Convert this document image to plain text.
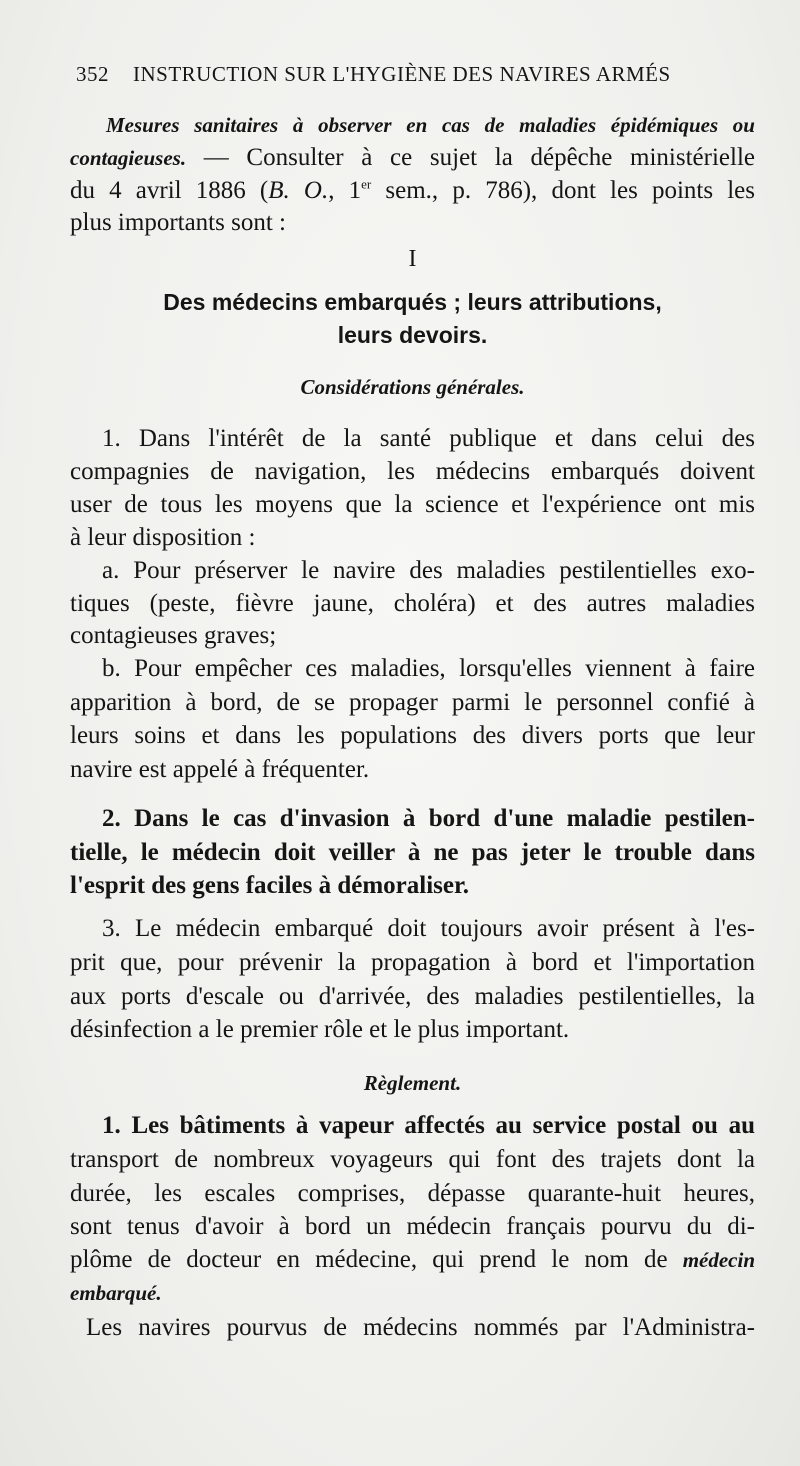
352 INSTRUCTION SUR L'HYGIÈNE DES NAVIRES ARMÉS
Mesures sanitaires à observer en cas de maladies épidémiques ou
contagieuses. — Consulter à ce sujet la dépêche ministérielle
du 4 avril 1886 (B. O., 1er sem., p. 786), dont les points les
plus importants sont :
I
Des médecins embarqués ; leurs attributions,
leurs devoirs.
Considérations générales.
1. Dans l'intérêt de la santé publique et dans celui des
compagnies de navigation, les médecins embarqués doivent
user de tous les moyens que la science et l'expérience ont mis
à leur disposition :
a. Pour préserver le navire des maladies pestilentielles exo-
tiques (peste, fièvre jaune, choléra) et des autres maladies
contagieuses graves;
b. Pour empêcher ces maladies, lorsqu'elles viennent à faire
apparition à bord, de se propager parmi le personnel confié à
leurs soins et dans les populations des divers ports que leur
navire est appelé à fréquenter.
2. Dans le cas d'invasion à bord d'une maladie pestilen-
tielle, le médecin doit veiller à ne pas jeter le trouble dans
l'esprit des gens faciles à démoraliser.
3. Le médecin embarqué doit toujours avoir présent à l'es-
prit que, pour prévenir la propagation à bord et l'importation
aux ports d'escale ou d'arrivée, des maladies pestilentielles, la
désinfection a le premier rôle et le plus important.
Règlement.
1. Les bâtiments à vapeur affectés au service postal ou au
transport de nombreux voyageurs qui font des trajets dont la
durée, les escales comprises, dépasse quarante-huit heures,
sont tenus d'avoir à bord un médecin français pourvu du di-
plôme de docteur en médecine, qui prend le nom de médecin
embarqué.
Les navires pourvus de médecins nommés par l'Administra-
